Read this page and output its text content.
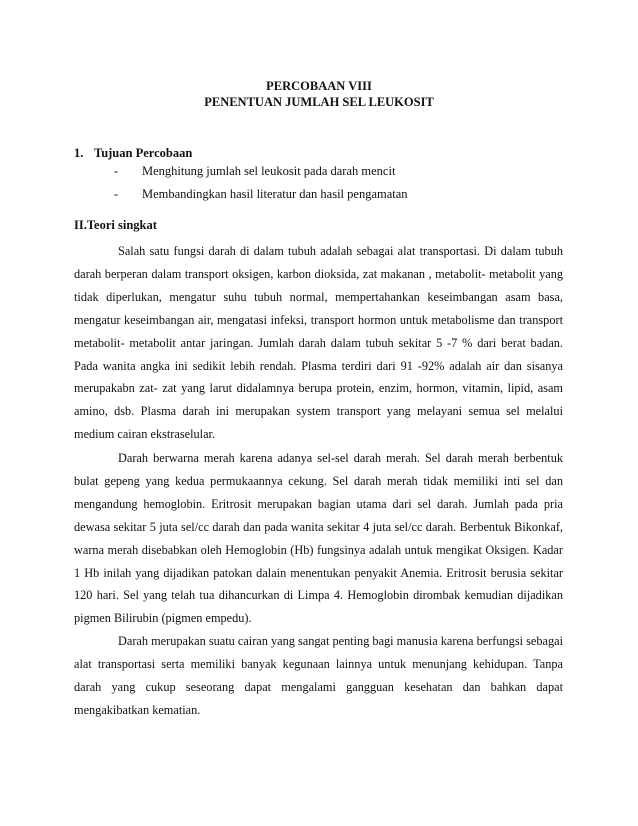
PERCOBAAN VIII
PENENTUAN JUMLAH SEL LEUKOSIT
1. Tujuan Percobaan
- Menghitung jumlah sel leukosit pada darah mencit
- Membandingkan hasil literatur dan hasil pengamatan
II.Teori singkat

Salah satu fungsi darah di dalam tubuh adalah sebagai alat transportasi. Di dalam tubuh darah berperan dalam transport oksigen, karbon dioksida, zat makanan , metabolit- metabolit yang tidak diperlukan, mengatur suhu tubuh normal, mempertahankan keseimbangan asam basa, mengatur keseimbangan air, mengatasi infeksi, transport hormon untuk metabolisme dan transport metabolit- metabolit antar jaringan. Jumlah darah dalam tubuh sekitar 5 -7 % dari berat badan. Pada wanita angka ini sedikit lebih rendah. Plasma terdiri dari 91 -92% adalah air dan sisanya merupakabn zat- zat yang larut didalamnya berupa protein, enzim, hormon, vitamin, lipid, asam amino, dsb. Plasma darah ini merupakan system transport yang melayani semua sel melalui medium cairan ekstraselular.

Darah berwarna merah karena adanya sel-sel darah merah. Sel darah merah berbentuk bulat gepeng yang kedua permukaannya cekung. Sel darah merah tidak memiliki inti sel dan mengandung hemoglobin. Eritrosit merupakan bagian utama dari sel darah. Jumlah pada pria dewasa sekitar 5 juta sel/cc darah dan pada wanita sekitar 4 juta sel/cc darah. Berbentuk Bikonkaf, warna merah disebabkan oleh Hemoglobin (Hb) fungsinya adalah untuk mengikat Oksigen. Kadar 1 Hb inilah yang dijadikan patokan dalain menentukan penyakit Anemia. Eritrosit berusia sekitar 120 hari. Sel yang telah tua dihancurkan di Limpa 4. Hemoglobin dirombak kemudian dijadikan pigmen Bilirubin (pigmen empedu).

Darah merupakan suatu cairan yang sangat penting bagi manusia karena berfungsi sebagai alat transportasi serta memiliki banyak kegunaan lainnya untuk menunjang kehidupan. Tanpa darah yang cukup seseorang dapat mengalami gangguan kesehatan dan bahkan dapat mengakibatkan kematian.
